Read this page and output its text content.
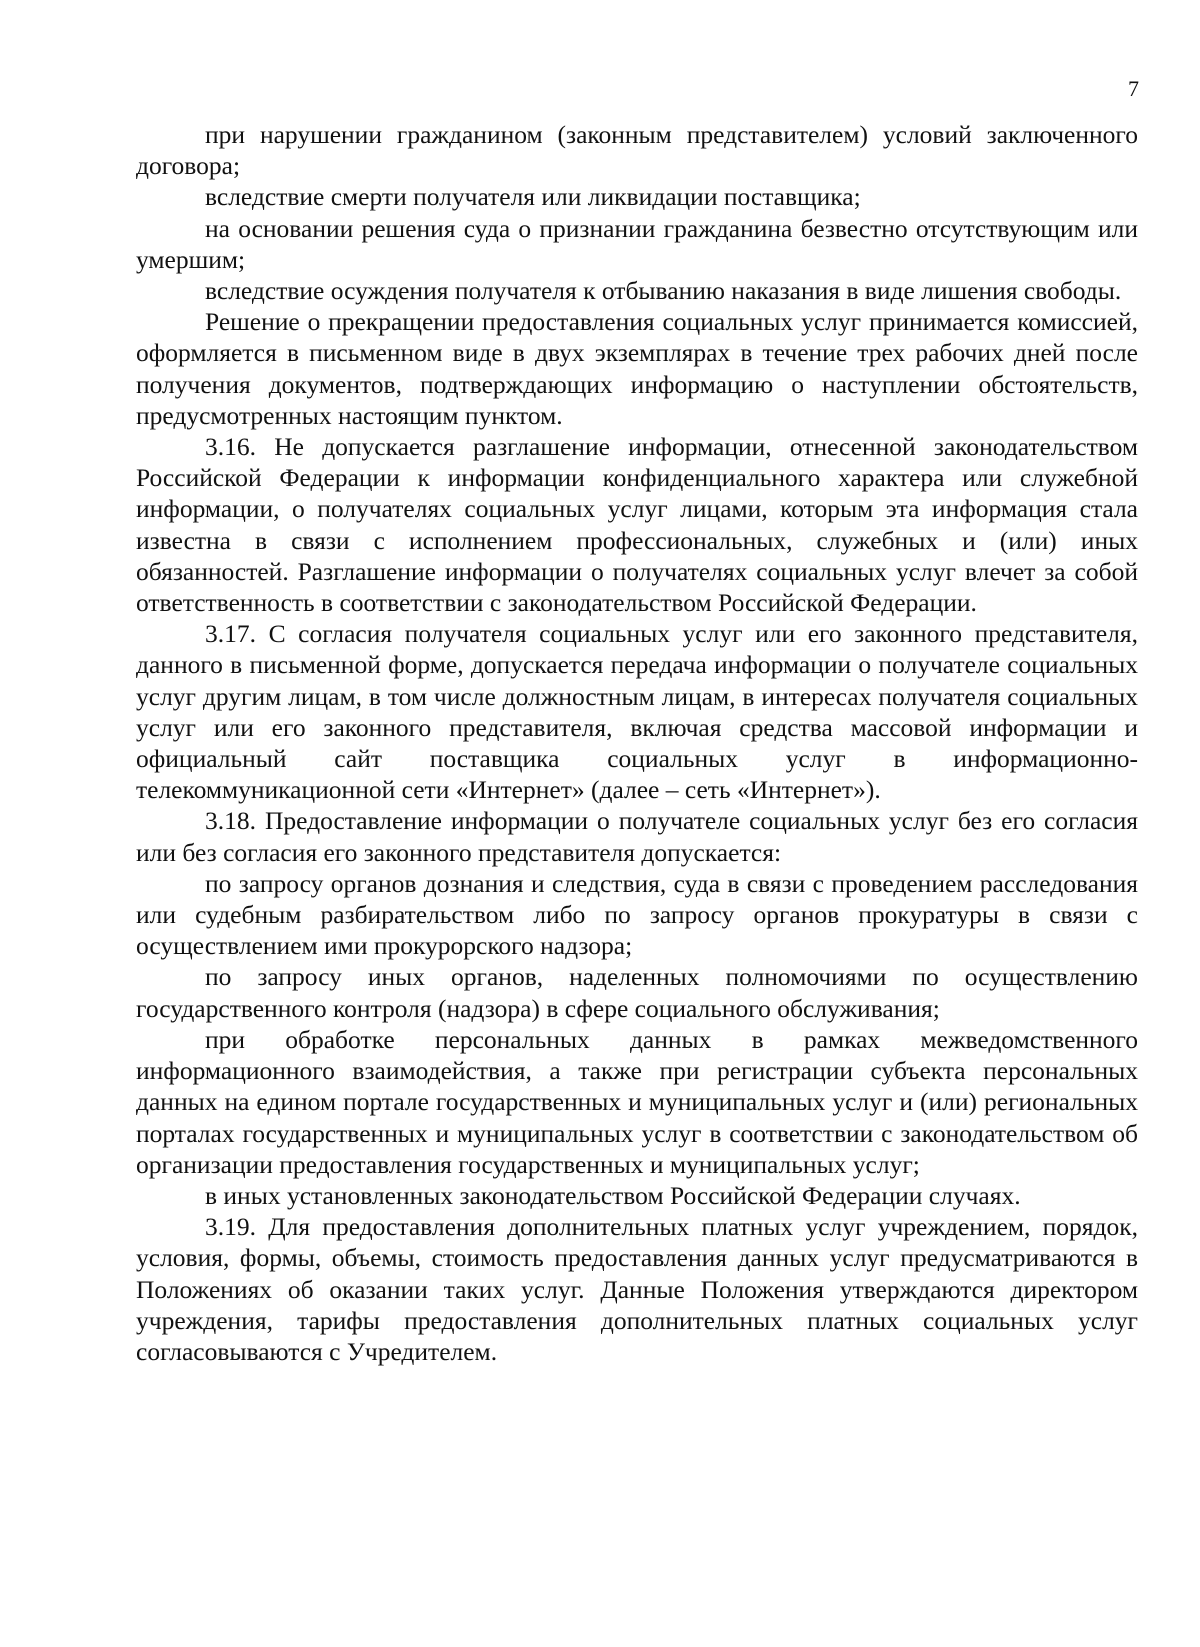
7

при нарушении гражданином (законным представителем) условий заключенного договора;

вследствие смерти получателя или ликвидации поставщика;

на основании решения суда о признании гражданина безвестно отсутствующим или умершим;

вследствие осуждения получателя к отбыванию наказания в виде лишения свободы.

Решение о прекращении предоставления социальных услуг принимается комиссией, оформляется в письменном виде в двух экземплярах в течение трех рабочих дней после получения документов, подтверждающих информацию о наступлении обстоятельств, предусмотренных настоящим пунктом.

3.16. Не допускается разглашение информации, отнесенной законодательством Российской Федерации к информации конфиденциального характера или служебной информации, о получателях социальных услуг лицами, которым эта информация стала известна в связи с исполнением профессиональных, служебных и (или) иных обязанностей. Разглашение информации о получателях социальных услуг влечет за собой ответственность в соответствии с законодательством Российской Федерации.

3.17. С согласия получателя социальных услуг или его законного представителя, данного в письменной форме, допускается передача информации о получателе социальных услуг другим лицам, в том числе должностным лицам, в интересах получателя социальных услуг или его законного представителя, включая средства массовой информации и официальный сайт поставщика социальных услуг в информационно-телекоммуникационной сети «Интернет» (далее – сеть «Интернет»).

3.18. Предоставление информации о получателе социальных услуг без его согласия или без согласия его законного представителя допускается:

по запросу органов дознания и следствия, суда в связи с проведением расследования или судебным разбирательством либо по запросу органов прокуратуры в связи с осуществлением ими прокурорского надзора;

по запросу иных органов, наделенных полномочиями по осуществлению государственного контроля (надзора) в сфере социального обслуживания;

при обработке персональных данных в рамках межведомственного информационного взаимодействия, а также при регистрации субъекта персональных данных на едином портале государственных и муниципальных услуг и (или) региональных порталах государственных и муниципальных услуг в соответствии с законодательством об организации предоставления государственных и муниципальных услуг;

в иных установленных законодательством Российской Федерации случаях.

3.19. Для предоставления дополнительных платных услуг учреждением, порядок, условия, формы, объемы, стоимость предоставления данных услуг предусматриваются в Положениях об оказании таких услуг. Данные Положения утверждаются директором учреждения, тарифы предоставления дополнительных платных социальных услуг согласовываются с Учредителем.
